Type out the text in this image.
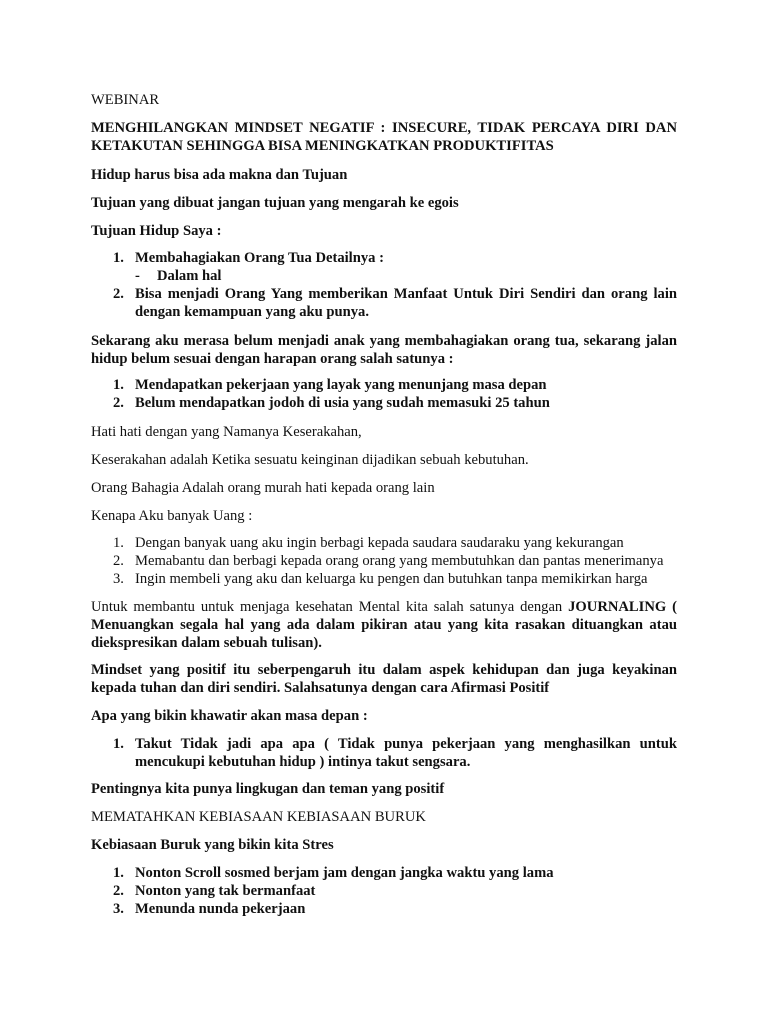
WEBINAR

MENGHILANGKAN MINDSET NEGATIF : INSECURE, TIDAK PERCAYA DIRI DAN KETAKUTAN SEHINGGA BISA MENINGKATKAN PRODUKTIFITAS

Hidup harus bisa ada makna dan Tujuan

Tujuan yang dibuat jangan tujuan yang mengarah ke egois

Tujuan Hidup Saya :

1. Membahagiakan Orang Tua Detailnya :
- Dalam hal
2. Bisa menjadi Orang Yang memberikan Manfaat Untuk Diri Sendiri dan orang lain dengan kemampuan yang aku punya.

Sekarang aku merasa belum menjadi anak yang membahagiakan orang tua, sekarang jalan hidup belum sesuai dengan harapan orang salah satunya :

1. Mendapatkan pekerjaan yang layak yang menunjang masa depan
2. Belum mendapatkan jodoh di usia yang sudah memasuki 25 tahun

Hati hati dengan yang Namanya Keserakahan,

Keserakahan adalah Ketika sesuatu keinginan dijadikan sebuah kebutuhan.

Orang Bahagia Adalah orang murah hati kepada orang lain

Kenapa Aku banyak Uang :

1. Dengan banyak uang aku ingin berbagi kepada saudara saudaraku yang kekurangan
2. Memabantu dan berbagi kepada orang orang yang membutuhkan dan pantas menerimanya
3. Ingin membeli yang aku dan keluarga ku pengen dan butuhkan tanpa memikirkan harga

Untuk membantu untuk menjaga kesehatan Mental kita salah satunya dengan JOURNALING ( Menuangkan segala hal yang ada dalam pikiran atau yang kita rasakan dituangkan atau diekspresikan dalam sebuah tulisan).

Mindset yang positif itu seberpengaruh itu dalam aspek kehidupan dan juga keyakinan kepada tuhan dan diri sendiri. Salahsatunya dengan cara Afirmasi Positif

Apa yang bikin khawatir akan masa depan :

1. Takut Tidak jadi apa apa ( Tidak punya pekerjaan yang menghasilkan untuk mencukupi kebutuhan hidup ) intinya takut sengsara.

Pentingnya kita punya lingkugan dan teman yang positif

MEMATAHKAN KEBIASAAN KEBIASAAN BURUK

Kebiasaan Buruk yang bikin kita Stres

1. Nonton Scroll sosmed berjam jam dengan jangka waktu yang lama
2. Nonton yang tak bermanfaat
3. Menunda nunda pekerjaan
